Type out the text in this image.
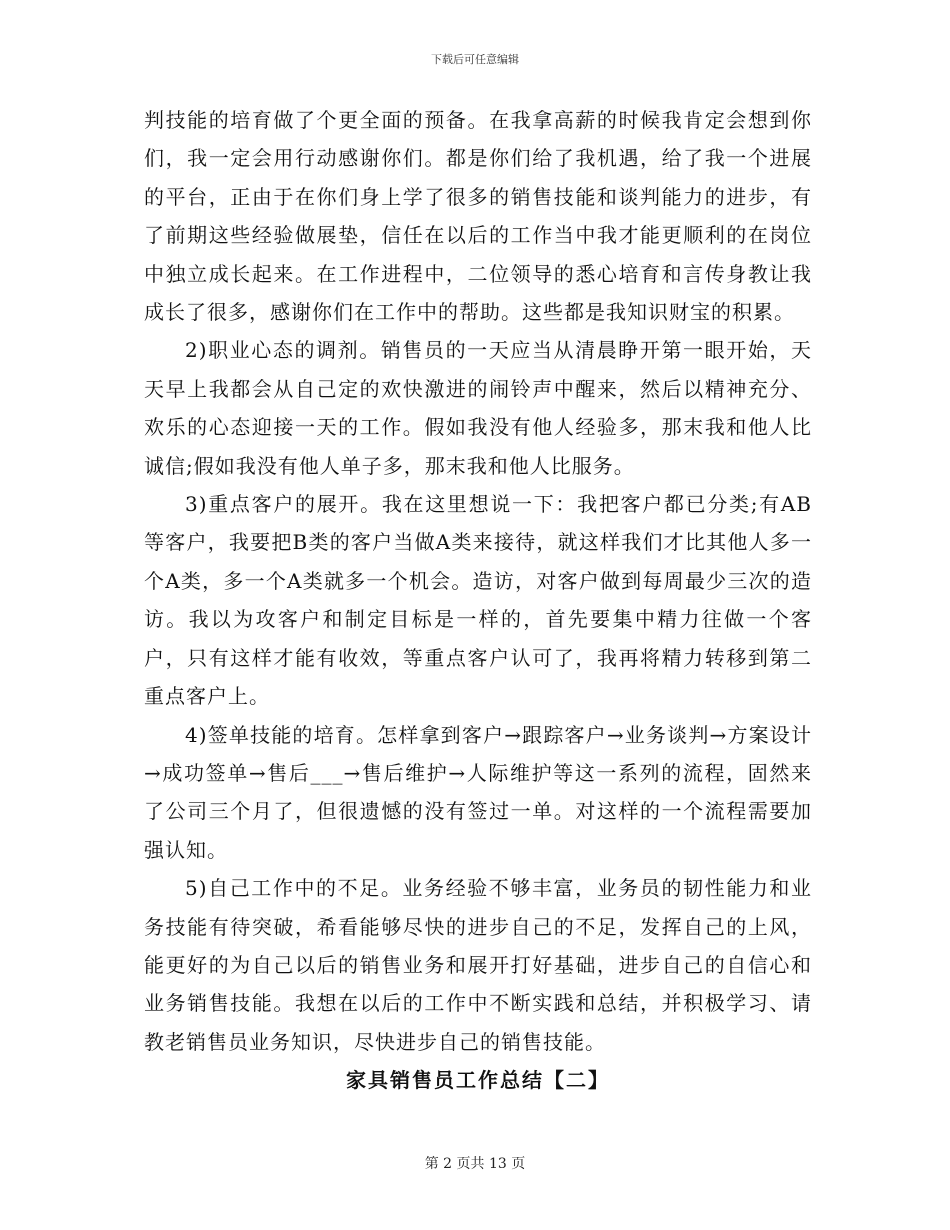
下载后可任意编辑

判技能的培育做了个更全面的预备。在我拿高薪的时候我肯定会想到你们，我一定会用行动感谢你们。都是你们给了我机遇，给了我一个进展的平台，正由于在你们身上学了很多的销售技能和谈判能力的进步，有了前期这些经验做展垫，信任在以后的工作当中我才能更顺利的在岗位中独立成长起来。在工作进程中，二位领导的悉心培育和言传身教让我成长了很多，感谢你们在工作中的帮助。这些都是我知识财宝的积累。

2)职业心态的调剂。销售员的一天应当从清晨睁开第一眼开始，天天早上我都会从自己定的欢快激进的闹铃声中醒来，然后以精神充分、欢乐的心态迎接一天的工作。假如我没有他人经验多，那末我和他人比诚信;假如我没有他人单子多，那末我和他人比服务。

3)重点客户的展开。我在这里想说一下：我把客户都已分类;有AB等客户，我要把B类的客户当做A类来接待，就这样我们才比其他人多一个A类，多一个A类就多一个机会。造访，对客户做到每周最少三次的造访。我以为攻客户和制定目标是一样的，首先要集中精力往做一个客户，只有这样才能有收效，等重点客户认可了，我再将精力转移到第二重点客户上。

4)签单技能的培育。怎样拿到客户→跟踪客户→业务谈判→方案设计→成功签单→售后___→售后维护→人际维护等这一系列的流程，固然来了公司三个月了，但很遗憾的没有签过一单。对这样的一个流程需要加强认知。

5)自己工作中的不足。业务经验不够丰富，业务员的韧性能力和业务技能有待突破，希看能够尽快的进步自己的不足，发挥自己的上风，能更好的为自己以后的销售业务和展开打好基础，进步自己的自信心和业务销售技能。我想在以后的工作中不断实践和总结，并积极学习、请教老销售员业务知识，尽快进步自己的销售技能。

家具销售员工作总结【二】

第 2 页共 13 页
